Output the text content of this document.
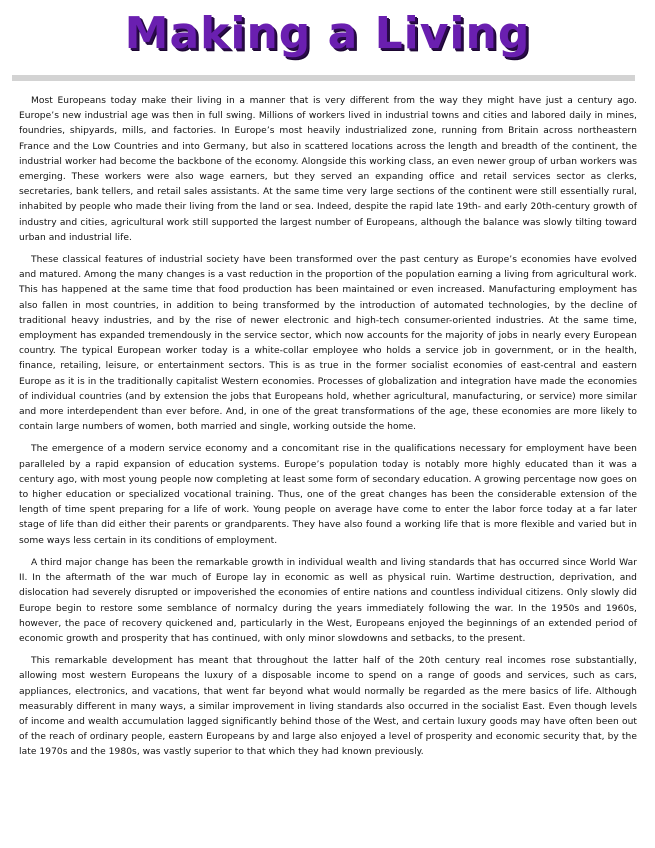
Making a Living

Most Europeans today make their living in a manner that is very different from the way they might have just a century ago. Europe’s new industrial age was then in full swing. Millions of workers lived in industrial towns and cities and labored daily in mines, foundries, shipyards, mills, and factories. In Europe’s most heavily industrialized zone, running from Britain across northeastern France and the Low Countries and into Germany, but also in scattered locations across the length and breadth of the continent, the industrial worker had become the backbone of the economy. Alongside this working class, an even newer group of urban workers was emerging. These workers were also wage earners, but they served an expanding office and retail services sector as clerks, secretaries, bank tellers, and retail sales assistants. At the same time very large sections of the continent were still essentially rural, inhabited by people who made their living from the land or sea. Indeed, despite the rapid late 19th- and early 20th-century growth of industry and cities, agricultural work still supported the largest number of Europeans, although the balance was slowly tilting toward urban and industrial life.

These classical features of industrial society have been transformed over the past century as Europe’s economies have evolved and matured. Among the many changes is a vast reduction in the proportion of the population earning a living from agricultural work. This has happened at the same time that food production has been maintained or even increased. Manufacturing employment has also fallen in most countries, in addition to being transformed by the introduction of automated technologies, by the decline of traditional heavy industries, and by the rise of newer electronic and high-tech consumer-oriented industries. At the same time, employment has expanded tremendously in the service sector, which now accounts for the majority of jobs in nearly every European country. The typical European worker today is a white-collar employee who holds a service job in government, or in the health, finance, retailing, leisure, or entertainment sectors. This is as true in the former socialist economies of east-central and eastern Europe as it is in the traditionally capitalist Western economies. Processes of globalization and integration have made the economies of individual countries (and by extension the jobs that Europeans hold, whether agricultural, manufacturing, or service) more similar and more interdependent than ever before. And, in one of the great transformations of the age, these economies are more likely to contain large numbers of women, both married and single, working outside the home.

The emergence of a modern service economy and a concomitant rise in the qualifications necessary for employment have been paralleled by a rapid expansion of education systems. Europe’s population today is notably more highly educated than it was a century ago, with most young people now completing at least some form of secondary education. A growing percentage now goes on to higher education or specialized vocational training. Thus, one of the great changes has been the considerable extension of the length of time spent preparing for a life of work. Young people on average have come to enter the labor force today at a far later stage of life than did either their parents or grandparents. They have also found a working life that is more flexible and varied but in some ways less certain in its conditions of employment.

A third major change has been the remarkable growth in individual wealth and living standards that has occurred since World War II. In the aftermath of the war much of Europe lay in economic as well as physical ruin. Wartime destruction, deprivation, and dislocation had severely disrupted or impoverished the economies of entire nations and countless individual citizens. Only slowly did Europe begin to restore some semblance of normalcy during the years immediately following the war. In the 1950s and 1960s, however, the pace of recovery quickened and, particularly in the West, Europeans enjoyed the beginnings of an extended period of economic growth and prosperity that has continued, with only minor slowdowns and setbacks, to the present.

This remarkable development has meant that throughout the latter half of the 20th century real incomes rose substantially, allowing most western Europeans the luxury of a disposable income to spend on a range of goods and services, such as cars, appliances, electronics, and vacations, that went far beyond what would normally be regarded as the mere basics of life. Although measurably different in many ways, a similar improvement in living standards also occurred in the socialist East. Even though levels of income and wealth accumulation lagged significantly behind those of the West, and certain luxury goods may have often been out of the reach of ordinary people, eastern Europeans by and large also enjoyed a level of prosperity and economic security that, by the late 1970s and the 1980s, was vastly superior to that which they had known previously.
